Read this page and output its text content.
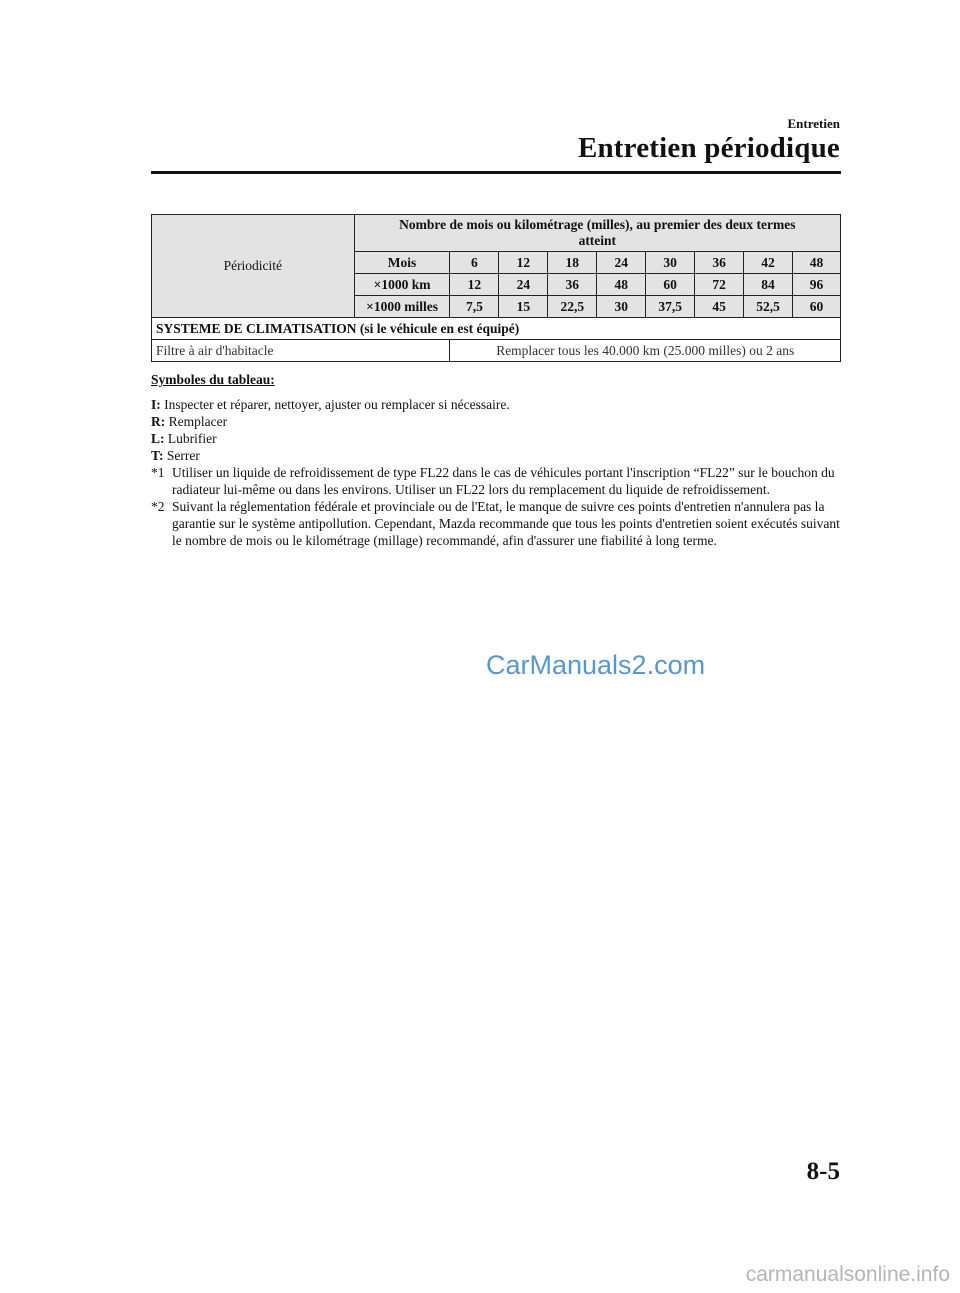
Entretien
Entretien périodique
Périodicité	Nombre de mois ou kilométrage (milles), au premier des deux termes atteint								
	Mois	6	12	18	24	30	36	42	48
	×1000 km	12	24	36	48	60	72	84	96
	×1000 milles	7,5	15	22,5	30	37,5	45	52,5	60
SYSTEME DE CLIMATISATION (si le véhicule en est équipé)									
Filtre à air d'habitacle		Remplacer tous les 40.000 km (25.000 milles) ou 2 ans							
Symboles du tableau:

I: Inspecter et réparer, nettoyer, ajuster ou remplacer si nécessaire.

R: Remplacer

L: Lubrifier

T: Serrer

*1 Utiliser un liquide de refroidissement de type FL22 dans le cas de véhicules portant l'inscription “FL22” sur le bouchon du radiateur lui-même ou dans les environs. Utiliser un FL22 lors du remplacement du liquide de refroidissement.
*2 Suivant la réglementation fédérale et provinciale ou de l'Etat, le manque de suivre ces points d'entretien n'annulera pas la garantie sur le système antipollution. Cependant, Mazda recommande que tous les points d'entretien soient exécutés suivant le nombre de mois ou le kilométrage (millage) recommandé, afin d'assurer une fiabilité à long terme.
CarManuals2.com
8-5
carmanualsonline.info
